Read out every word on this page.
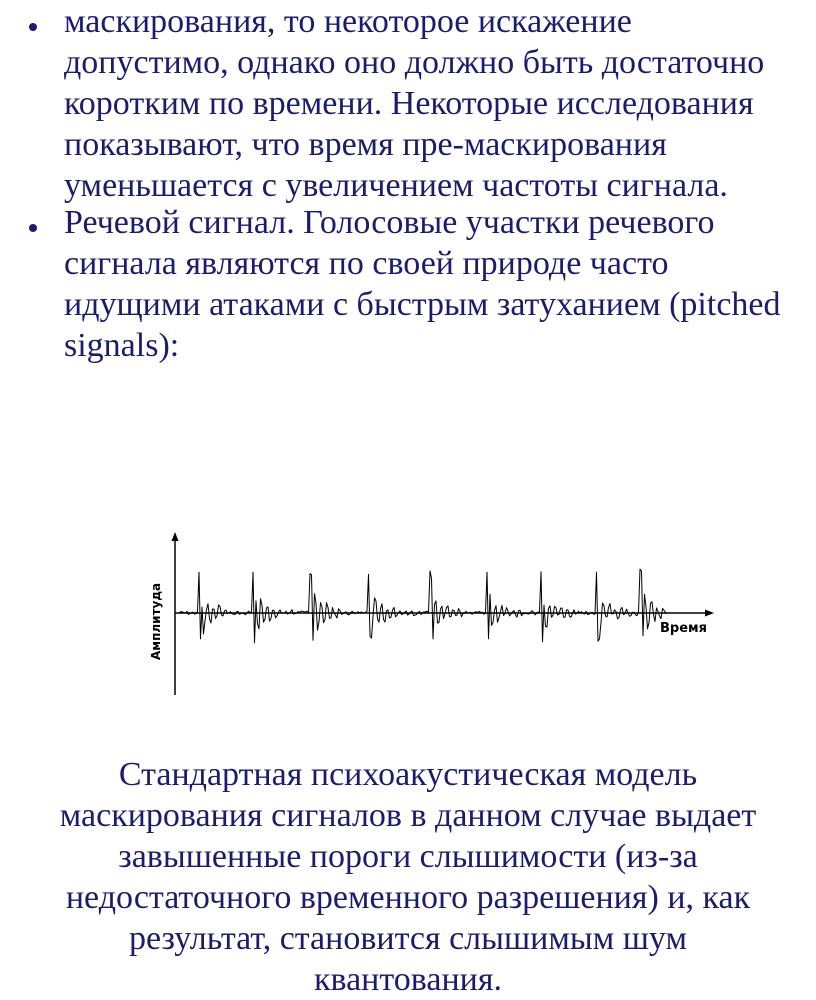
маскирования, то некоторое искажение
допустимо, однако оно должно быть достаточно
коротким по времени. Некоторые исследования
показывают, что время пре-маскирования
уменьшается с увеличением частоты сигнала.
Речевой сигнал. Голосовые участки речевого
сигнала являются по своей природе часто
идущими атаками с быстрым затуханием (pitched
signals):
Амплитуда	Время
Стандартная психоакустическая модель
маскирования сигналов в данном случае выдает
завышенные пороги слышимости (из-за
недостаточного временного разрешения) и, как
результат, становится слышимым шум
квантования.
